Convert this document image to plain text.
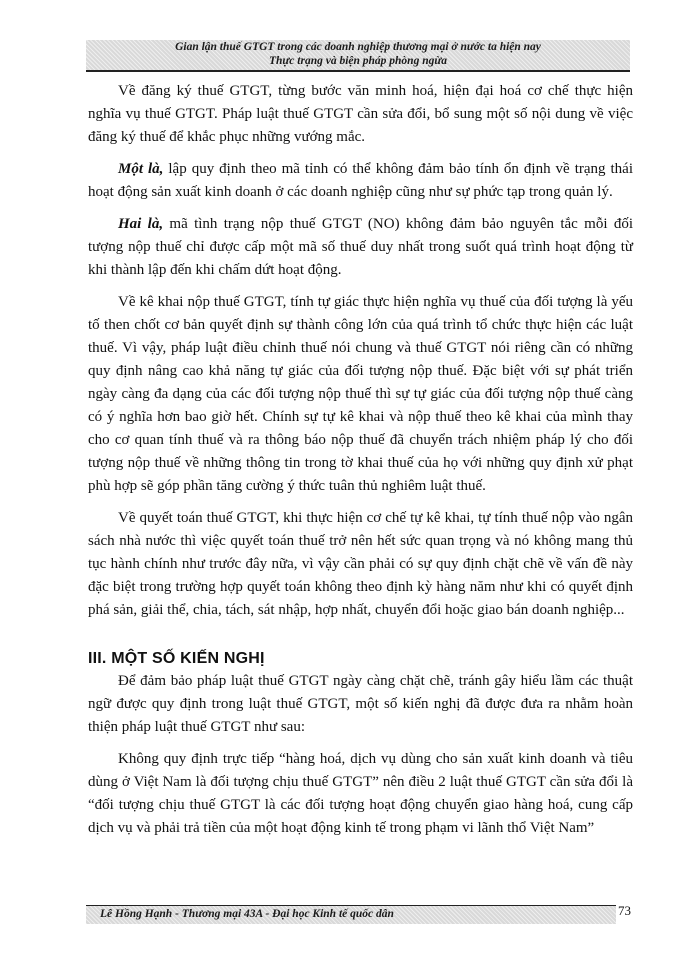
Gian lận thuế GTGT trong các doanh nghiệp thương mại ở nước ta hiện nay
Thực trạng và biện pháp phòng ngừa

Về đăng ký thuế GTGT, từng bước văn minh hoá, hiện đại hoá cơ chế thực hiện nghĩa vụ thuế GTGT. Pháp luật thuế GTGT cần sửa đổi, bổ sung một số nội dung về việc đăng ký thuế để khắc phục những vướng mắc.

Một là, lập quy định theo mã tỉnh có thể không đảm bảo tính ổn định về trạng thái hoạt động sản xuất kinh doanh ở các doanh nghiệp cũng như sự phức tạp trong quản lý.

Hai là, mã tình trạng nộp thuế GTGT (NO) không đảm bảo nguyên tắc mỗi đối tượng nộp thuế chỉ được cấp một mã số thuế duy nhất trong suốt quá trình hoạt động từ khi thành lập đến khi chấm dứt hoạt động.

Về kê khai nộp thuế GTGT, tính tự giác thực hiện nghĩa vụ thuế của đối tượng là yếu tố then chốt cơ bản quyết định sự thành công lớn của quá trình tổ chức thực hiện các luật thuế. Vì vậy, pháp luật điều chỉnh thuế nói chung và thuế GTGT nói riêng cần có những quy định nâng cao khả năng tự giác của đối tượng nộp thuế. Đặc biệt với sự phát triển ngày càng đa dạng của các đối tượng nộp thuế thì sự tự giác của đối tượng nộp thuế càng có ý nghĩa hơn bao giờ hết. Chính sự tự kê khai và nộp thuế theo kê khai của mình thay cho cơ quan tính thuế và ra thông báo nộp thuế đã chuyển trách nhiệm pháp lý cho đối tượng nộp thuế về những thông tin trong tờ khai thuế của họ với những quy định xử phạt phù hợp sẽ góp phần tăng cường ý thức tuân thủ nghiêm luật thuế.

Về quyết toán thuế GTGT, khi thực hiện cơ chế tự kê khai, tự tính thuế nộp vào ngân sách nhà nước thì việc quyết toán thuế trở nên hết sức quan trọng và nó không mang thủ tục hành chính như trước đây nữa, vì vậy cần phải có sự quy định chặt chẽ về vấn đề này đặc biệt trong trường hợp quyết toán không theo định kỳ hàng năm như khi có quyết định phá sản, giải thể, chia, tách, sát nhập, hợp nhất, chuyển đổi hoặc giao bán doanh nghiệp...

III. MỘT SỐ KIẾN NGHỊ

Để đảm bảo pháp luật thuế GTGT ngày càng chặt chẽ, tránh gây hiểu lầm các thuật ngữ được quy định trong luật thuế GTGT, một số kiến nghị đã được đưa ra nhằm hoàn thiện pháp luật thuế GTGT như sau:

Không quy định trực tiếp “hàng hoá, dịch vụ dùng cho sản xuất kinh doanh và tiêu dùng ở Việt Nam là đối tượng chịu thuế GTGT” nên điều 2 luật thuế GTGT cần sửa đổi là “đối tượng chịu thuế GTGT là các đối tượng hoạt động chuyển giao hàng hoá, cung cấp dịch vụ và phải trả tiền của một hoạt động kinh tế trong phạm vi lãnh thổ Việt Nam”

Lê Hồng Hạnh - Thương mại 43A - Đại học Kinh tế quốc dân	73
